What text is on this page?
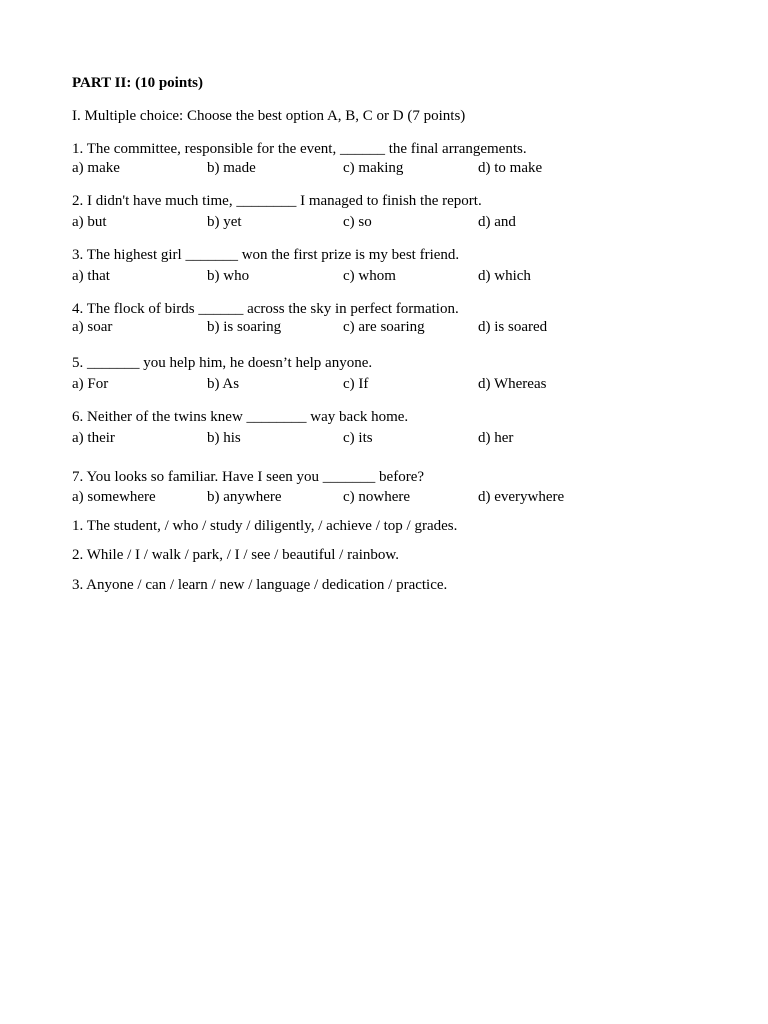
PART II: (10 points)
I. Multiple choice: Choose the best option A, B, C or D (7 points)
1. The committee, responsible for the event, ______ the final arrangements.
a) make	b) made	c) making	d) to make
2. I didn't have much time, ________ I managed to finish the report.
a) but	b) yet	c) so	d) and
3. The highest girl _______ won the first prize is my best friend.
a) that	b) who	c) whom	d) which
4. The flock of birds ______ across the sky in perfect formation.
a) soar	b) is soaring	c) are soaring	d) is soared
5. _______ you help him, he doesn’t help anyone.
a) For	b) As	c) If	d) Whereas
6. Neither of the twins knew ________ way back home.
a) their	b) his	c) its	d) her
7. You looks so familiar. Have I seen you _______ before?
a) somewhere	b) anywhere	c) nowhere	d) everywhere
1. The student, / who / study / diligently, / achieve / top / grades.
2. While / I / walk / park, / I / see / beautiful / rainbow.
3. Anyone / can / learn / new / language / dedication / practice.
